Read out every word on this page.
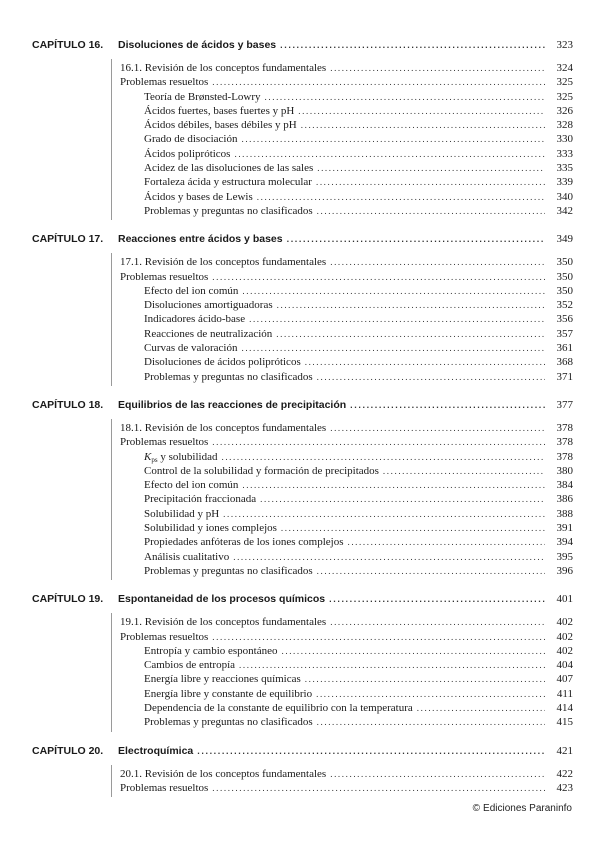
CAPÍTULO 16.	Disoluciones de ácidos y bases .....	323
16.1. Revisión de los conceptos fundamentales .....	324
Problemas resueltos .....	325
Teoría de Brønsted-Lowry .....	325
Ácidos fuertes, bases fuertes y pH .....	326
Ácidos débiles, bases débiles y pH .....	328
Grado de disociación .....	330
Ácidos polipróticos .....	333
Acidez de las disoluciones de las sales .....	335
Fortaleza ácida y estructura molecular .....	339
Ácidos y bases de Lewis .....	340
Problemas y preguntas no clasificados .....	342
CAPÍTULO 17.	Reacciones entre ácidos y bases .....	349
17.1. Revisión de los conceptos fundamentales .....	350
Problemas resueltos .....	350
Efecto del ion común .....	350
Disoluciones amortiguadoras .....	352
Indicadores ácido-base .....	356
Reacciones de neutralización .....	357
Curvas de valoración .....	361
Disoluciones de ácidos polipróticos .....	368
Problemas y preguntas no clasificados .....	371
CAPÍTULO 18.	Equilibrios de las reacciones de precipitación .....	377
18.1. Revisión de los conceptos fundamentales .....	378
Problemas resueltos .....	378
$K_{ps}$ y solubilidad .....	378
Control de la solubilidad y formación de precipitados .....	380
Efecto del ion común .....	384
Precipitación fraccionada .....	386
Solubilidad y pH .....	388
Solubilidad y iones complejos .....	391
Propiedades anfóteras de los iones complejos .....	394
Análisis cualitativo .....	395
Problemas y preguntas no clasificados .....	396
CAPÍTULO 19.	Espontaneidad de los procesos químicos .....	401
19.1. Revisión de los conceptos fundamentales .....	402
Problemas resueltos .....	402
Entropía y cambio espontáneo .....	402
Cambios de entropía .....	404
Energía libre y reacciones químicas .....	407
Energía libre y constante de equilibrio .....	411
Dependencia de la constante de equilibrio con la temperatura .....	414
Problemas y preguntas no clasificados .....	415
CAPÍTULO 20.	Electroquímica .....	421
20.1. Revisión de los conceptos fundamentales .....	422
Problemas resueltos .....	423
© Ediciones Paraninfo
